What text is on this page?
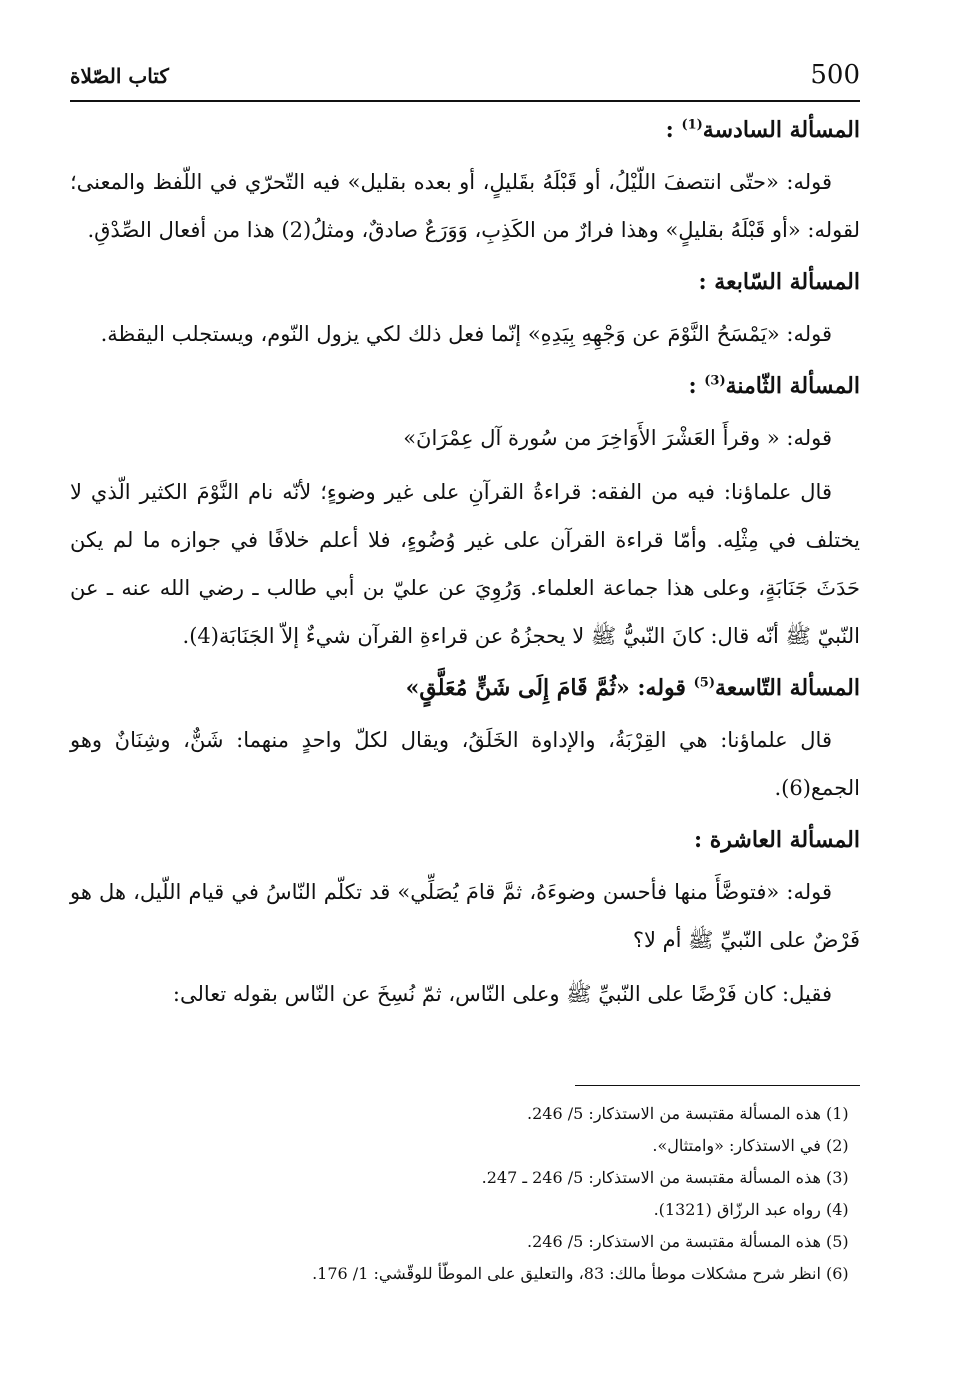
500
كتاب الصّلاة

المسألة السادسة$^{(1)}$ :

قوله: «حتّى انتصفَ اللّيْلُ، أو قَبْلَهُ بقَليلٍ، أو بعده بقليل» فيه التّحرّي في اللّفظ والمعنى؛ لقوله: «أو قَبْلَهُ بقليلٍ» وهذا فرارٌ من الكَذِبِ، وَوَرَعٌ صادقٌ، ومثلُ(2) هذا من أفعال الصِّدْقِ.

المسألة السّابعة :

قوله: «يَمْسَحُ النَّوْمَ عن وَجْهِهِ بِيَدِهِ» إنّما فعل ذلك لكي يزول النّوم، ويستجلب اليقظة.

المسألة الثّامنة$^{(3)}$ :

قوله: « وقرأَ العَشْرَ الأَوَاخِرَ من سُورة آل عِمْرَانَ»

قال علماؤنا: فيه من الفقه: قراءةُ القرآنِ على غير وضوءٍ؛ لأنّه نام النَّوْمَ الكثير الّذي لا يختلف في مِثْلِه. وأمّا قراءة القرآن على غير وُضُوءٍ، فلا أعلم خلافًا في جوازه ما لم يكن حَدَثَ جَنَابَةٍ، وعلى هذا جماعة العلماء. وَرُوِيَ عن عليّ بن أبي طالب ـ رضي الله عنه ـ عن النّبيّ ﷺ أنّه قال: كانَ النّبيُّ ﷺ لا يحجزُهُ عن قراءةِ القرآن شيءٌ إلاّ الجَنَابَة(4).

المسألة التّاسعة$^{(5)}$ قوله: «ثُمَّ قَامَ إِلَى شَنٍّ مُعَلَّقٍ»

قال علماؤنا: هي القِرْبَةُ، والإداوة الخَلَقُ، ويقال لكلّ واحدٍ منهما: شَنٌّ، وشِنَانٌ وهو الجمع(6).

المسألة العاشرة :

قوله: «فتوضَّأَ منها فأحسن وضوءَهُ، ثمَّ قامَ يُصَلِّي» قد تكلّم النّاسُ في قيام اللّيل، هل هو فَرْضٌ على النّبيِّ ﷺ أم لا؟

فقيل: كان فَرْضًا على النّبيِّ ﷺ وعلى النّاس، ثمّ نُسِخَ عن النّاس بقوله تعالى:

(1) هذه المسألة مقتبسة من الاستذكار: 5/ 246.
(2) في الاستذكار: «وامتثال».
(3) هذه المسألة مقتبسة من الاستذكار: 5/ 246 ـ 247.
(4) رواه عبد الرزّاق (1321).
(5) هذه المسألة مقتبسة من الاستذكار: 5/ 246.
(6) انظر شرح مشكلات موطأ مالك: 83، والتعليق على الموطّأ للوقّشي: 1/ 176.
